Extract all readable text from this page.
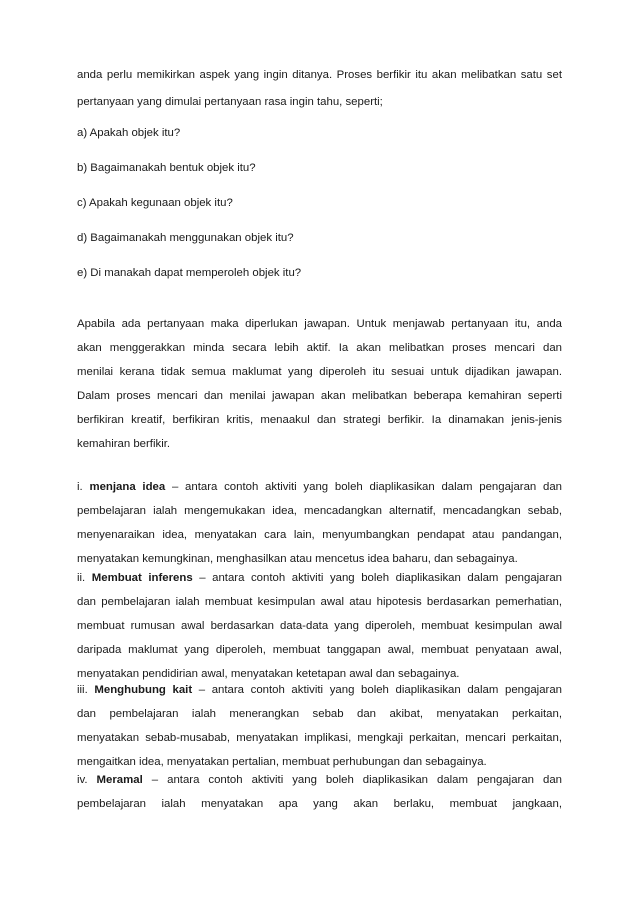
anda perlu memikirkan aspek yang ingin ditanya. Proses berfikir itu akan melibatkan satu set
pertanyaan yang dimulai pertanyaan rasa ingin tahu, seperti;
a) Apakah objek itu?
b) Bagaimanakah bentuk objek itu?
c) Apakah kegunaan objek itu?
d) Bagaimanakah menggunakan objek itu?
e) Di manakah dapat memperoleh objek itu?
Apabila ada pertanyaan maka diperlukan jawapan. Untuk menjawab pertanyaan itu, anda
akan menggerakkan minda secara lebih aktif. Ia akan melibatkan proses mencari dan
menilai kerana tidak semua maklumat yang diperoleh itu sesuai untuk dijadikan jawapan.
Dalam proses mencari dan menilai jawapan akan melibatkan beberapa kemahiran seperti
berfikiran kreatif, berfikiran kritis, menaakul dan strategi berfikir. Ia dinamakan jenis-jenis
kemahiran berfikir.
i. menjana idea – antara contoh aktiviti yang boleh diaplikasikan dalam pengajaran dan
pembelajaran ialah mengemukakan idea, mencadangkan alternatif, mencadangkan sebab,
menyenaraikan idea, menyatakan cara lain, menyumbangkan pendapat atau pandangan,
menyatakan kemungkinan, menghasilkan atau mencetus idea baharu, dan sebagainya.
ii. Membuat inferens – antara contoh aktiviti yang boleh diaplikasikan dalam pengajaran
dan pembelajaran ialah membuat kesimpulan awal atau hipotesis berdasarkan pemerhatian,
membuat rumusan awal berdasarkan data-data yang diperoleh, membuat kesimpulan awal
daripada maklumat yang diperoleh, membuat tanggapan awal, membuat penyataan awal,
menyatakan pendidirian awal, menyatakan ketetapan awal dan sebagainya.
iii. Menghubung kait – antara contoh aktiviti yang boleh diaplikasikan dalam pengajaran
dan pembelajaran ialah menerangkan sebab dan akibat, menyatakan perkaitan,
menyatakan sebab-musabab, menyatakan implikasi, mengkaji perkaitan, mencari perkaitan,
mengaitkan idea, menyatakan pertalian, membuat perhubungan dan sebagainya.
iv. Meramal – antara contoh aktiviti yang boleh diaplikasikan dalam pengajaran dan
pembelajaran ialah menyatakan apa yang akan berlaku, membuat jangkaan,
